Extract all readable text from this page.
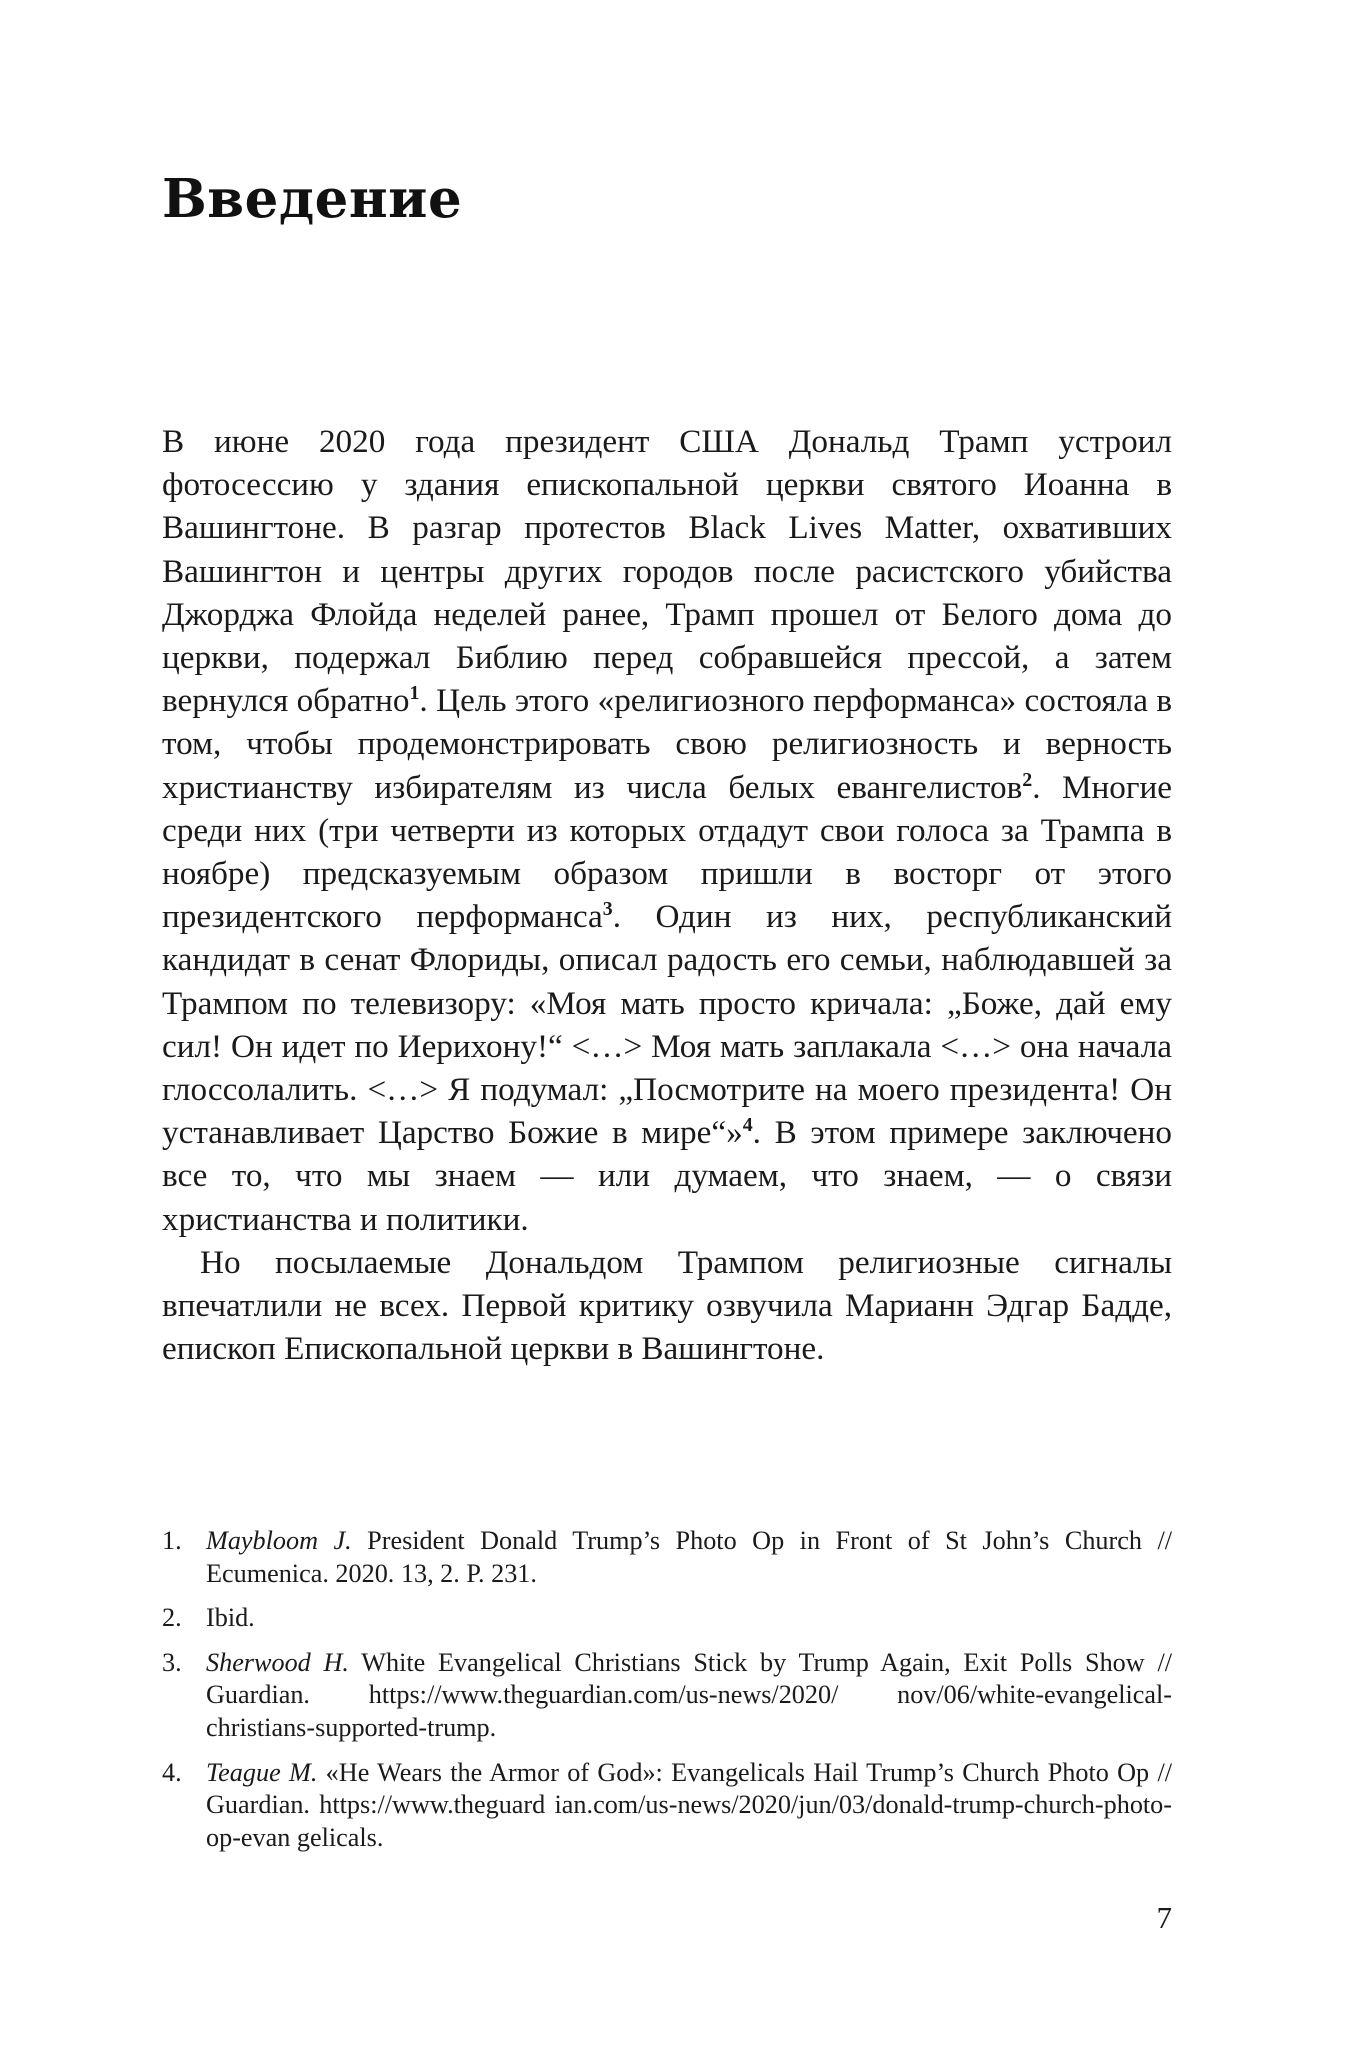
Введение

В июне 2020 года президент США Дональд Трамп устроил фотосессию у здания епископальной церкви святого Иоанна в Вашингтоне. В разгар протестов Black Lives Matter, охвативших Вашингтон и центры других городов после расистского убийства Джорджа Флойда неделей ранее, Трамп прошел от Белого дома до церкви, подержал Библию перед собравшейся прессой, а затем вернулся обратно$^1$. Цель этого «религиозного перформанса» состояла в том, чтобы продемонстрировать свою религиозность и верность христианству избирателям из числа белых евангелистов$^2$. Многие среди них (три четверти из которых отдадут свои голоса за Трампа в ноябре) предсказуемым образом пришли в восторг от этого президентского перформанса$^3$. Один из них, республиканский кандидат в сенат Флориды, описал радость его семьи, наблюдавшей за Трампом по телевизору: «Моя мать просто кричала: „Боже, дай ему сил! Он идет по Иерихону!“ <…> Моя мать заплакала <…> она начала глоссолалить. <…> Я подумал: „Посмотрите на моего президента! Он устанавливает Царство Божие в мире“»$^4$. В этом примере заключено все то, что мы знаем — или думаем, что знаем, — о связи христианства и политики.

Но посылаемые Дональдом Трампом религиозные сигналы впечатлили не всех. Первой критику озвучила Марианн Эдгар Бадде, епископ Епископальной церкви в Вашингтоне.

1. Maybloom J. President Donald Trump’s Photo Op in Front of St John’s Church // Ecumenica. 2020. 13, 2. P. 231.
2. Ibid.
3. Sherwood H. White Evangelical Christians Stick by Trump Again, Exit Polls Show // Guardian. https://www.theguardian.com/us-news/2020/ nov/06/white-evangelical-christians-supported-trump.
4. Teague M. «He Wears the Armor of God»: Evangelicals Hail Trump’s Church Photo Op // Guardian. https://www.theguard ian.com/us-news/2020/jun/03/donald-trump-church-photo-op-evan gelicals.
7
